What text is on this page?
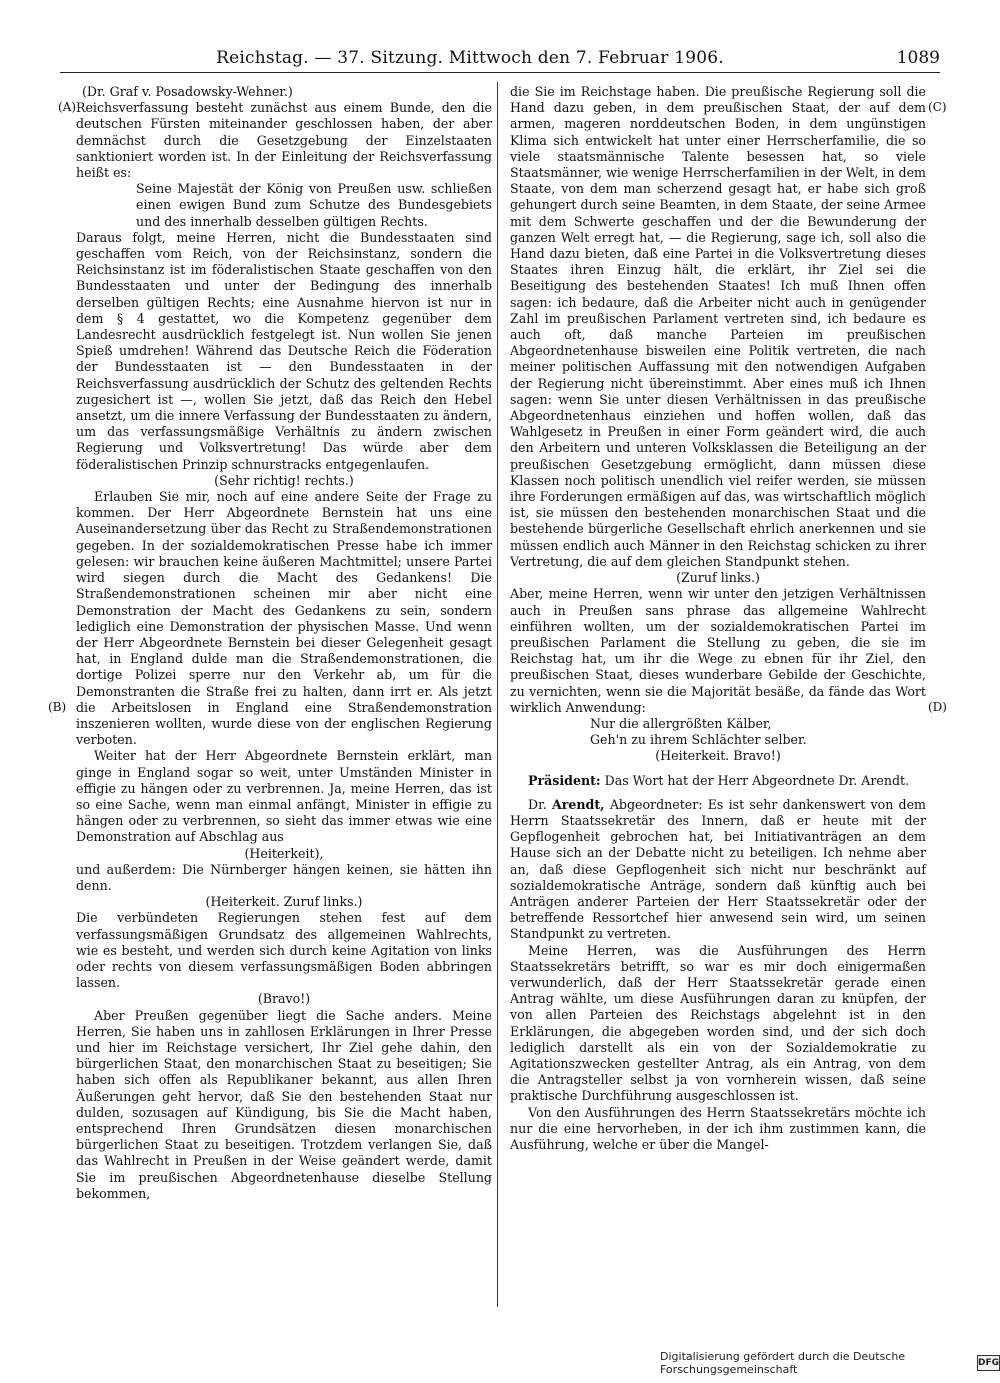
Reichstag. — 37. Sitzung. Mittwoch den 7. Februar 1906.	1089
(A)
(B)
(C)
(D)

(Dr. Graf v. Posadowsky-Wehner.)

Reichsverfassung besteht zunächst aus einem Bunde, den die deutschen Fürsten miteinander geschlossen haben, der aber demnächst durch die Gesetzgebung der Einzelstaaten sanktioniert worden ist. In der Einleitung der Reichsverfassung heißt es:

Seine Majestät der König von Preußen usw. schließen einen ewigen Bund zum Schutze des Bundesgebiets und des innerhalb desselben gültigen Rechts.

Daraus folgt, meine Herren, nicht die Bundesstaaten sind geschaffen vom Reich, von der Reichsinstanz, sondern die Reichsinstanz ist im föderalistischen Staate geschaffen von den Bundesstaaten und unter der Bedingung des innerhalb derselben gültigen Rechts; eine Ausnahme hiervon ist nur in dem § 4 gestattet, wo die Kompetenz gegenüber dem Landesrecht ausdrücklich festgelegt ist. Nun wollen Sie jenen Spieß umdrehen! Während das Deutsche Reich die Föderation der Bundesstaaten ist — den Bundesstaaten in der Reichsverfassung ausdrücklich der Schutz des geltenden Rechts zugesichert ist —, wollen Sie jetzt, daß das Reich den Hebel ansetzt, um die innere Verfassung der Bundesstaaten zu ändern, um das verfassungsmäßige Verhältnis zu ändern zwischen Regierung und Volksvertretung! Das würde aber dem föderalistischen Prinzip schnurstracks entgegenlaufen.

(Sehr richtig! rechts.)

Erlauben Sie mir, noch auf eine andere Seite der Frage zu kommen. Der Herr Abgeordnete Bernstein hat uns eine Auseinandersetzung über das Recht zu Straßendemonstrationen gegeben. In der sozialdemokratischen Presse habe ich immer gelesen: wir brauchen keine äußeren Machtmittel; unsere Partei wird siegen durch die Macht des Gedankens! Die Straßendemonstrationen scheinen mir aber nicht eine Demonstration der Macht des Gedankens zu sein, sondern lediglich eine Demonstration der physischen Masse. Und wenn der Herr Abgeordnete Bernstein bei dieser Gelegenheit gesagt hat, in England dulde man die Straßendemonstrationen, die dortige Polizei sperre nur den Verkehr ab, um für die Demonstranten die Straße frei zu halten, dann irrt er. Als jetzt die Arbeitslosen in England eine Straßendemonstration inszenieren wollten, wurde diese von der englischen Regierung verboten.

Weiter hat der Herr Abgeordnete Bernstein erklärt, man ginge in England sogar so weit, unter Umständen Minister in effigie zu hängen oder zu verbrennen. Ja, meine Herren, das ist so eine Sache, wenn man einmal anfängt, Minister in effigie zu hängen oder zu verbrennen, so sieht das immer etwas wie eine Demonstration auf Abschlag aus

(Heiterkeit),

und außerdem: Die Nürnberger hängen keinen, sie hätten ihn denn.

(Heiterkeit. Zuruf links.)

Die verbündeten Regierungen stehen fest auf dem verfassungsmäßigen Grundsatz des allgemeinen Wahlrechts, wie es besteht, und werden sich durch keine Agitation von links oder rechts von diesem verfassungsmäßigen Boden abbringen lassen.

(Bravo!)

Aber Preußen gegenüber liegt die Sache anders. Meine Herren, Sie haben uns in zahllosen Erklärungen in Ihrer Presse und hier im Reichstage versichert, Ihr Ziel gehe dahin, den bürgerlichen Staat, den monarchischen Staat zu beseitigen; Sie haben sich offen als Republikaner bekannt, aus allen Ihren Äußerungen geht hervor, daß Sie den bestehenden Staat nur dulden, sozusagen auf Kündigung, bis Sie die Macht haben, entsprechend Ihren Grundsätzen diesen monarchischen bürgerlichen Staat zu beseitigen. Trotzdem verlangen Sie, daß das Wahlrecht in Preußen in der Weise geändert werde, damit Sie im preußischen Abgeordnetenhause dieselbe Stellung bekommen,

die Sie im Reichstage haben. Die preußische Regierung soll die Hand dazu geben, in dem preußischen Staat, der auf dem armen, mageren norddeutschen Boden, in dem ungünstigen Klima sich entwickelt hat unter einer Herrscherfamilie, die so viele staatsmännische Talente besessen hat, so viele Staatsmänner, wie wenige Herrscherfamilien in der Welt, in dem Staate, von dem man scherzend gesagt hat, er habe sich groß gehungert durch seine Beamten, in dem Staate, der seine Armee mit dem Schwerte geschaffen und der die Bewunderung der ganzen Welt erregt hat, — die Regierung, sage ich, soll also die Hand dazu bieten, daß eine Partei in die Volksvertretung dieses Staates ihren Einzug hält, die erklärt, ihr Ziel sei die Beseitigung des bestehenden Staates! Ich muß Ihnen offen sagen: ich bedaure, daß die Arbeiter nicht auch in genügender Zahl im preußischen Parlament vertreten sind, ich bedaure es auch oft, daß manche Parteien im preußischen Abgeordnetenhause bisweilen eine Politik vertreten, die nach meiner politischen Auffassung mit den notwendigen Aufgaben der Regierung nicht übereinstimmt. Aber eines muß ich Ihnen sagen: wenn Sie unter diesen Verhältnissen in das preußische Abgeordnetenhaus einziehen und hoffen wollen, daß das Wahlgesetz in Preußen in einer Form geändert wird, die auch den Arbeitern und unteren Volksklassen die Beteiligung an der preußischen Gesetzgebung ermöglicht, dann müssen diese Klassen noch politisch unendlich viel reifer werden, sie müssen ihre Forderungen ermäßigen auf das, was wirtschaftlich möglich ist, sie müssen den bestehenden monarchischen Staat und die bestehende bürgerliche Gesellschaft ehrlich anerkennen und sie müssen endlich auch Männer in den Reichstag schicken zu ihrer Vertretung, die auf dem gleichen Standpunkt stehen.

(Zuruf links.)

Aber, meine Herren, wenn wir unter den jetzigen Verhältnissen auch in Preußen sans phrase das allgemeine Wahlrecht einführen wollten, um der sozialdemokratischen Partei im preußischen Parlament die Stellung zu geben, die sie im Reichstag hat, um ihr die Wege zu ebnen für ihr Ziel, den preußischen Staat, dieses wunderbare Gebilde der Geschichte, zu vernichten, wenn sie die Majorität besäße, da fände das Wort wirklich Anwendung:

Nur die allergrößten Kälber,

Geh'n zu ihrem Schlächter selber.

(Heiterkeit. Bravo!)

Präsident: Das Wort hat der Herr Abgeordnete Dr. Arendt.

Dr. Arendt, Abgeordneter: Es ist sehr dankenswert von dem Herrn Staatssekretär des Innern, daß er heute mit der Gepflogenheit gebrochen hat, bei Initiativanträgen an dem Hause sich an der Debatte nicht zu beteiligen. Ich nehme aber an, daß diese Gepflogenheit sich nicht nur beschränkt auf sozialdemokratische Anträge, sondern daß künftig auch bei Anträgen anderer Parteien der Herr Staatssekretär oder der betreffende Ressortchef hier anwesend sein wird, um seinen Standpunkt zu vertreten.

Meine Herren, was die Ausführungen des Herrn Staatssekretärs betrifft, so war es mir doch einigermaßen verwunderlich, daß der Herr Staatssekretär gerade einen Antrag wählte, um diese Ausführungen daran zu knüpfen, der von allen Parteien des Reichstags abgelehnt ist in den Erklärungen, die abgegeben worden sind, und der sich doch lediglich darstellt als ein von der Sozialdemokratie zu Agitationszwecken gestellter Antrag, als ein Antrag, von dem die Antragsteller selbst ja von vornherein wissen, daß seine praktische Durchführung ausgeschlossen ist.

Von den Ausführungen des Herrn Staatssekretärs möchte ich nur die eine hervorheben, in der ich ihm zustimmen kann, die Ausführung, welche er über die Mangel-

Digitalisierung gefördert durch die Deutsche Forschungsgemeinschaft	DFG
